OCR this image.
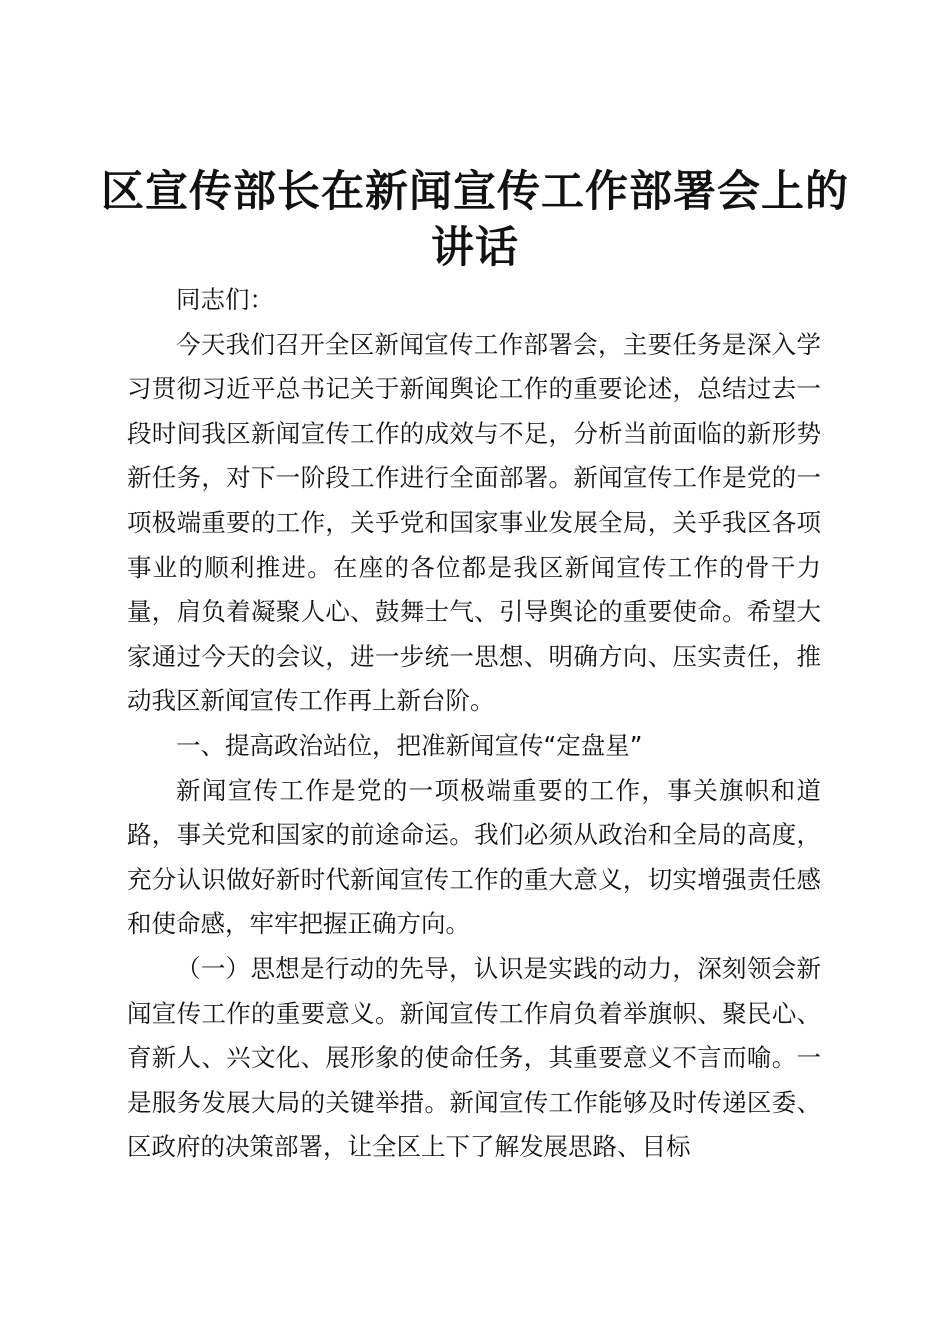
区宣传部长在新闻宣传工作部署会上的讲话

同志们：

今天我们召开全区新闻宣传工作部署会，主要任务是深入学习贯彻习近平总书记关于新闻舆论工作的重要论述，总结过去一段时间我区新闻宣传工作的成效与不足，分析当前面临的新形势新任务，对下一阶段工作进行全面部署。新闻宣传工作是党的一项极端重要的工作，关乎党和国家事业发展全局，关乎我区各项事业的顺利推进。在座的各位都是我区新闻宣传工作的骨干力量，肩负着凝聚人心、鼓舞士气、引导舆论的重要使命。希望大家通过今天的会议，进一步统一思想、明确方向、压实责任，推动我区新闻宣传工作再上新台阶。

一、提高政治站位，把准新闻宣传“定盘星”

新闻宣传工作是党的一项极端重要的工作，事关旗帜和道路，事关党和国家的前途命运。我们必须从政治和全局的高度，充分认识做好新时代新闻宣传工作的重大意义，切实增强责任感和使命感，牢牢把握正确方向。

（一）思想是行动的先导，认识是实践的动力，深刻领会新闻宣传工作的重要意义。新闻宣传工作肩负着举旗帜、聚民心、育新人、兴文化、展形象的使命任务，其重要意义不言而喻。一是服务发展大局的关键举措。新闻宣传工作能够及时传递区委、区政府的决策部署，让全区上下了解发展思路、目标
